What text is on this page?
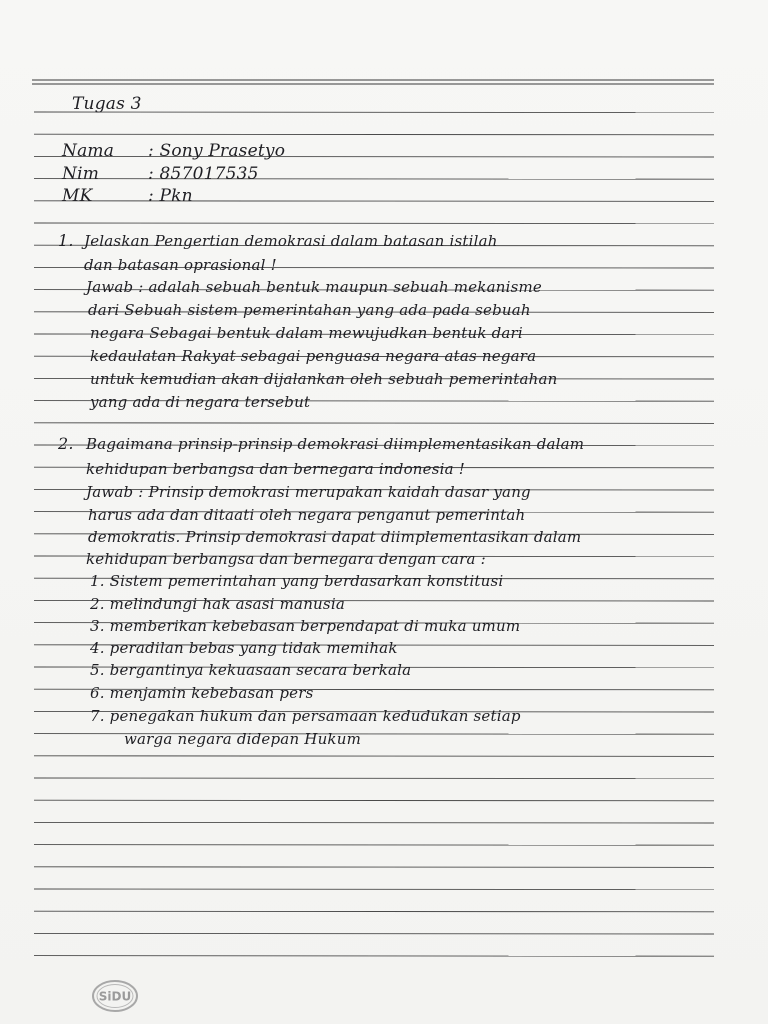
Tugas 3
Nama : Sony Prasetyo
Nim	: 857017535
MK	: Pkn
1. Jelaskan Pengertian demokrasi dalam batasan istilah
dan batasan oprasional !
Jawab : adalah sebuah bentuk maupun sebuah mekanisme
dari Sebuah sistem pemerintahan yang ada pada sebuah
negara Sebagai bentuk dalam mewujudkan bentuk dari
kedaulatan Rakyat sebagai penguasa negara atas negara
untuk kemudian akan dijalankan oleh sebuah pemerintahan
yang ada di negara tersebut
2. Bagaimana prinsip-prinsip demokrasi diimplementasikan dalam
kehidupan berbangsa dan bernegara indonesia !
Jawab : Prinsip demokrasi merupakan kaidah dasar yang
harus ada dan ditaati oleh negara penganut pemerintah
demokratis. Prinsip demokrasi dapat diimplementasikan dalam
kehidupan berbangsa dan bernegara dengan cara :
1. Sistem pemerintahan yang berdasarkan konstitusi
2. melindungi hak asasi manusia
3. memberikan kebebasan berpendapat di muka umum
4. peradilan bebas yang tidak memihak
5. bergantinya kekuasaan secara berkala
6. menjamin kebebasan pers
7. penegakan hukum dan persamaan kedudukan setiap
warga negara didepan Hukum
SiDU
